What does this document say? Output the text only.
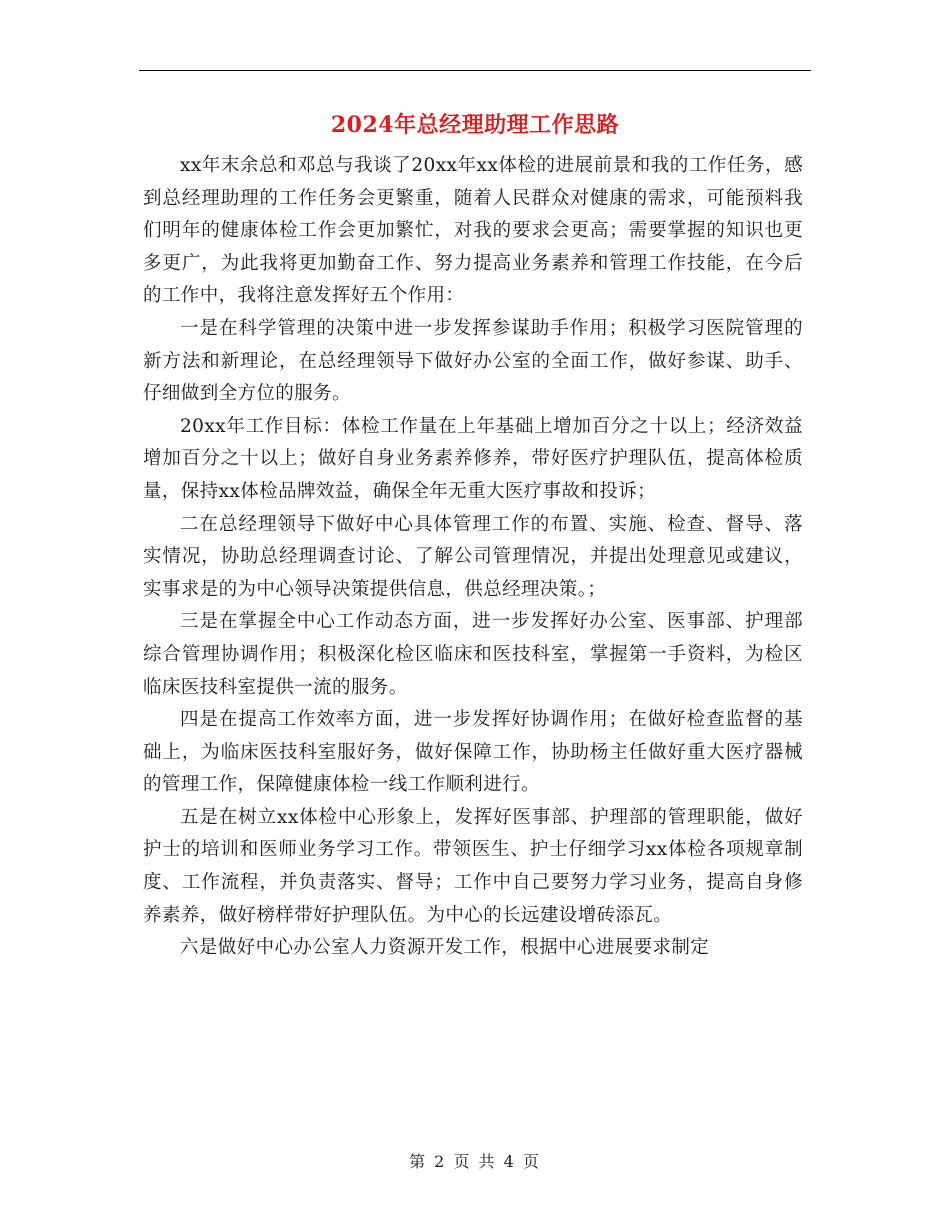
2024年总经理助理工作思路

xx年末余总和邓总与我谈了20xx年xx体检的进展前景和我的工作任务，感到总经理助理的工作任务会更繁重，随着人民群众对健康的需求，可能预料我们明年的健康体检工作会更加繁忙，对我的要求会更高；需要掌握的知识也更多更广，为此我将更加勤奋工作、努力提高业务素养和管理工作技能，在今后的工作中，我将注意发挥好五个作用：

一是在科学管理的决策中进一步发挥参谋助手作用；积极学习医院管理的新方法和新理论，在总经理领导下做好办公室的全面工作，做好参谋、助手、仔细做到全方位的服务。

20xx年工作目标：体检工作量在上年基础上增加百分之十以上；经济效益增加百分之十以上；做好自身业务素养修养，带好医疗护理队伍，提高体检质量，保持xx体检品牌效益，确保全年无重大医疗事故和投诉；

二在总经理领导下做好中心具体管理工作的布置、实施、检查、督导、落实情况，协助总经理调查讨论、了解公司管理情况，并提出处理意见或建议，实事求是的为中心领导决策提供信息，供总经理决策。；

三是在掌握全中心工作动态方面，进一步发挥好办公室、医事部、护理部综合管理协调作用；积极深化检区临床和医技科室，掌握第一手资料，为检区临床医技科室提供一流的服务。

四是在提高工作效率方面，进一步发挥好协调作用；在做好检查监督的基础上，为临床医技科室服好务，做好保障工作，协助杨主任做好重大医疗器械的管理工作，保障健康体检一线工作顺利进行。

五是在树立xx体检中心形象上，发挥好医事部、护理部的管理职能，做好护士的培训和医师业务学习工作。带领医生、护士仔细学习xx体检各项规章制度、工作流程，并负责落实、督导；工作中自己要努力学习业务，提高自身修养素养，做好榜样带好护理队伍。为中心的长远建设增砖添瓦。

六是做好中心办公室人力资源开发工作，根据中心进展要求制定

第 2 页 共 4 页
